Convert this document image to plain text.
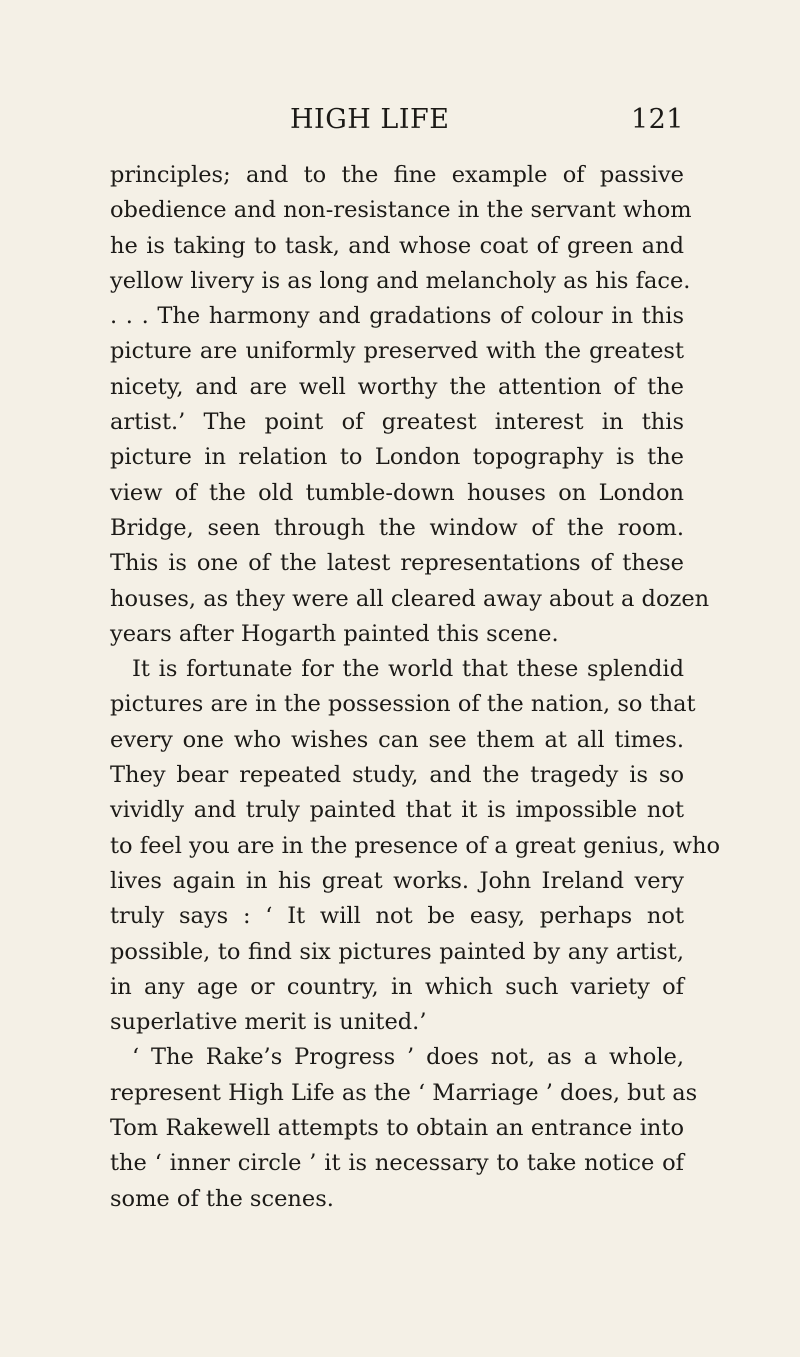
HIGH LIFE	121
principles; and to the fine example of passive
obedience and non-resistance in the servant whom
he is taking to task, and whose coat of green and
yellow livery is as long and melancholy as his face.
. . . The harmony and gradations of colour in this
picture are uniformly preserved with the greatest
nicety, and are well worthy the attention of the
artist.’ The point of greatest interest in this
picture in relation to London topography is the
view of the old tumble-down houses on London
Bridge, seen through the window of the room.
This is one of the latest representations of these
houses, as they were all cleared away about a dozen
years after Hogarth painted this scene.
It is fortunate for the world that these splendid
pictures are in the possession of the nation, so that
every one who wishes can see them at all times.
They bear repeated study, and the tragedy is so
vividly and truly painted that it is impossible not
to feel you are in the presence of a great genius, who
lives again in his great works. John Ireland very
truly says : ‘ It will not be easy, perhaps not
possible, to find six pictures painted by any artist,
in any age or country, in which such variety of
superlative merit is united.’
‘ The Rake’s Progress ’ does not, as a whole,
represent High Life as the ‘ Marriage ’ does, but as
Tom Rakewell attempts to obtain an entrance into
the ‘ inner circle ’ it is necessary to take notice of
some of the scenes.
